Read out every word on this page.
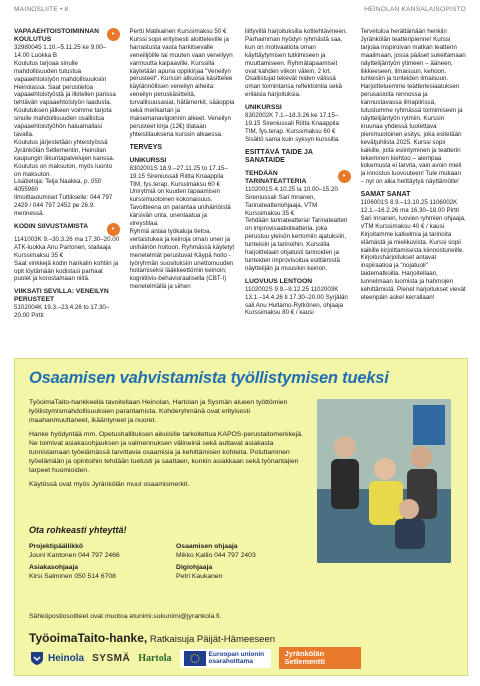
MAINOSLIITE • 8	HEINOLAN KANSALAISOPISTO
VAPAAEHTOISTOIMINNAN KOULUTUS
•

32980045 1.10.–5.11.25 ke 9.00–14.00 Luokka B

Koulutus tarjoaa sinulle mahdollisuuden tutustua vapaaehtoistyön mahdollisuuksiin Heinolassa. Saat perustietoa vapaaehtoistyöstä ja ilkitellen parissa tehtävän vapaaehtoistyön laadusta. Koulutuksen jälkeen voimme tarjota sinulle mahdollisuuden osallistua vapaaehtoistyöhön haluamallasi tavalla.

Koulutus järjestetään yhteistyössä Jyränkölän Setlementin, Heinolan kaupungin liikuntapalvelujen kanssa.

Koulutus on maksuton, myös luonto on maksuton.

Lisätietoja: Telja Naakka, p. 050 4055960

Ilmoittautumiset Tuttikselle: 044 797 2429 / 044 797 2452 pe 26.9. mennessä.

KODIN SIIVUSTAMISTA	•

1141003K 9.–30.3.26 ma 17.30–20.00 ATK-luokka Anu Partonen, stailaaja Kurssimaksu 35 €

Saat vinkkejä kodin hankalin kohtiin ja opit löytämään kodistasi parhaat puolet ja korostamaan niitä.

VIIKSATI SEVILLA: VENEILYN PERUSTEET

5102004K 19.3.–23.4.26 to 17.30–20.00 Pirtti

Pertti Matikainen Kurssimaksu 50 €

Kurssi sopii erityisesti aloitteleville ja harrastusta vasta harkitsevalle veneilijöille tai muuten vaan veneilyyn varmuutta kaipaaville. Kurssilla käytetään apuna oppikirjaa "Veneilyn perusteet". Kurssin alkuosa käsittelee käytännöllisen veneilyn aiheita: veneilyn peruskäsitteitä, turvallisuusasiat, hätämerkit, sääoppia sekä merikartan ja maisemanavigoinnin alkeet. Veneilyn perusteet kirja (12€) tilataan yhteistilauksena kurssin alkaessa.

TERVEYS
UNIKURSSI

8302001S 18.9.–27.11.25 to 17.15–19.15 Sireniussali Riitta Knaappila TtM, fys.terap. Kurssimaksu 60 €

Unirytmiä on kuuden tapaamisen kurssimuotoinen kokonaisuus. Tavoitteena on parantaa unihäiriöistä kärsivän unta, unenlaatua ja vireystilaa.

Ryhmä antaa työkaluja tietoa, vertaistukea ja keinoja oman unen ja unihäiriön hoitoon. Ryhmässä käytetyt menetelmät perustuvat Käypä hoito -työryhmän suosituksiin unettomuuden hoitamiseksi lääkkeettömin keinoin; kognitiivis-behavioraalisella (CBT-I) menetelmällä ja siihen

liittyvillä harjoituksilla kotitehtävineen. Parhaimman hyödyn ryhmästä saa, kun on motivaatiota oman käyttäytymisen tutkimiseen ja muuttamiseen. Ryhmätapaamiset ovat kahden viikon välein, 2 krt. Osallistujat tekevät niiden välissä oman toimintansa reflektointia sekä erilaisia harjoituksia.

UNIKURSSI

8302002K 7.1.–18.3.26 ke 17.15–19.15 Sireniussali Riitta Knaappila TtM, fys.terap. Kurssimaksu 60 € Sisältö sama kuin syksyn kurssilla.

ESITTÄVÄ TAIDE JA SANATAIDE
TEHDÄÄN TARINATEATTERIA
•

1102001S 4.10.25 la 10.00–15.20 Sireniussali Sari Innanen, Tarinateatteriohjaaja, VTM Kurssimaksu 35 €

Tehdään tarinateatteria! Tarinateatteri on improvisaatioteatteria, joka perustuu yleisön kertomiin ajatuksiin, tunteisiin ja tarinoihin. Kurssilla harjoittelaan ohjatusti tarinoiden ja tunteiden improvisoitua esittämistä näyttelijän ja muusikin keinon.

LUOVUUS LENTOON

1102002S 9.9.–9.12.25 1102003K 13.1.–14.4.26 ti 17.30–20.00 Syrjälän sali Anu Hultamo-Rytkönen, ohjaaja Kurssimaksu 80 € / kausi

Tervetuloa herättämään henkiin Jyränkölän teatteripienne! Kurssi tarjoaa inspiroivan matkan teatterin maailmaan, jossa pääset sukeltamaan näyttelijäntyön ytimeen – ääneen, liikkeeseen, ilmaisuun, kehoon, tunteisiin ja tunteiden ilmaisuun. Harjoitteluemme teatteriesiaatuksen perusasioita rennossa ja kannustavassa ilmapiirissä, tutustumme ryhmässä toimimiseen ja näyttelijäntyön rytmiin. Kurssin kruunaa yhdessä tuotettava pienimuotoinen esitys, joka esitetään kevätjuhlista 2025. Kurssi sopii kaikille, joita esiintyminen ja teatterin tekeminen kiehtoo – aiempaa kokemusta ei tarvita, vain avoin mieli ja innostus luovuuteen! Tule mukaan – nyt on aika heittäytyä näyttämölle!

SAMAT SANAT

1106001S 8.9.–13.10.25 1106002K 12.1.–16.2.26 ma 16.30–18.00 Pirtti Sari Innanen, luovien ryhmien ohjaaja, VTM Kurssimaksu 40 € / kausi

Kirjoitamme katkelmia ja tarinoita elämästä ja mielikuvista. Kurssi sopii kaikille kirjoittamisesta kiinnostuneille. Kirjoitusharjoitukset antavat inspiraatioa ja "nojatuoli" taidematkoilla. Harjoitellaan, tunnelmaan luomista ja hahmojen kehittämistä. Pienet harjoitukset vievät eteenpäin askel kerrallaan!

Osaamisen vahvistamista työllistymisen tueksi

TyöoimaTaito-hankkeella tavoitellaan Heinolan, Hartolan ja Sysmän alueen työttömien työllistymismahdollisuuksien parantamista. Kohderyhmänä ovat erityisesti maahanmuuttaneet, ikääntyneet ja nuoret.

Hanke hyödyntää mm. Opetushallituksen aikuisille tarkoitettua KAPOS-perustaitomerkkejä. Ne toimivat asiakasohjauksen ja valmennuksen välineinä sekä auttavat asiakasta tunnistamaan työelämässä tarvittavia osaamisia ja kehittämisen kohteita. Poluttaminen työelämään ja opintoihin tehdään tuetusti ja saattaen, kunkin asiakkaan sekä työnantajien tarpeet huomioiden.

Käytössä ovat myös Jyränkölän muut osaamismerkit.

Ota rohkeasti yhteyttä!
Projektipäällikkö
Jouni Kantonen 044 797 2466
Osaamisen ohjaaja
Mikko Kallio 044 797 2403
Asiakasohjaaja
Kirsi Salminen 050 514 6708
Digiohjaaja
Petri Kaukanen
Sähköpostiosoitteet ovat muotoa etunimi.sukunimi@jyrankola.fi.
TyöoimaTaito-hanke, Ratkaisuja Päijät-Hämeeseen
Heinola SYSMÄ Hartola	Euroopan unionin osarahoittama
Jyränkölän Setlementti
